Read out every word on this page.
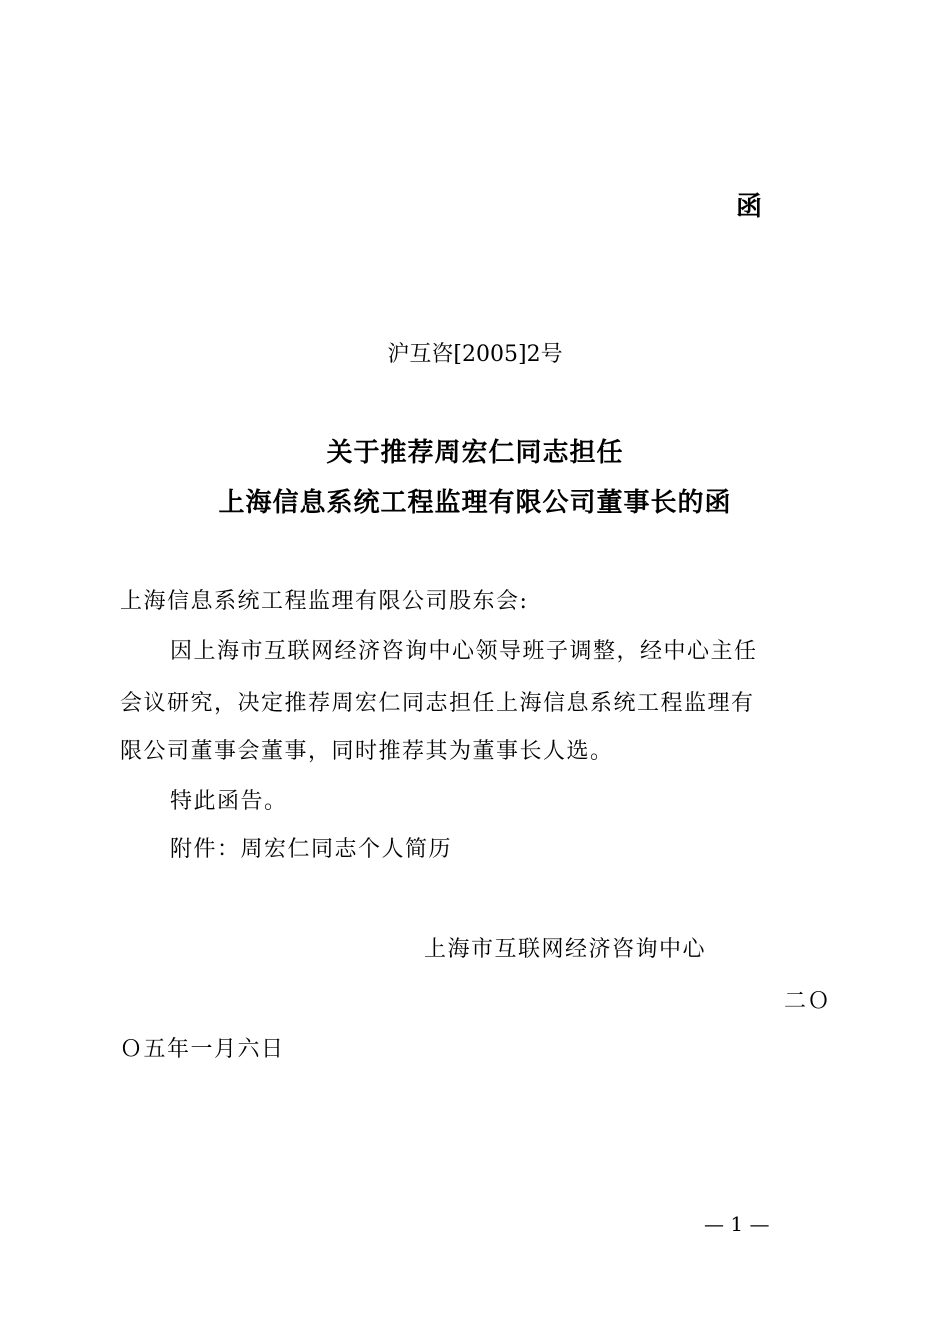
函
沪互咨[2005]2号
关于推荐周宏仁同志担任
上海信息系统工程监理有限公司董事长的函
上海信息系统工程监理有限公司股东会:
因上海市互联网经济咨询中心领导班子调整，经中心主任
会议研究，决定推荐周宏仁同志担任上海信息系统工程监理有
限公司董事会董事，同时推荐其为董事长人选。
特此函告。
附件：周宏仁同志个人简历
上海市互联网经济咨询中心
二Ｏ
Ｏ五年一月六日
— 1 —
